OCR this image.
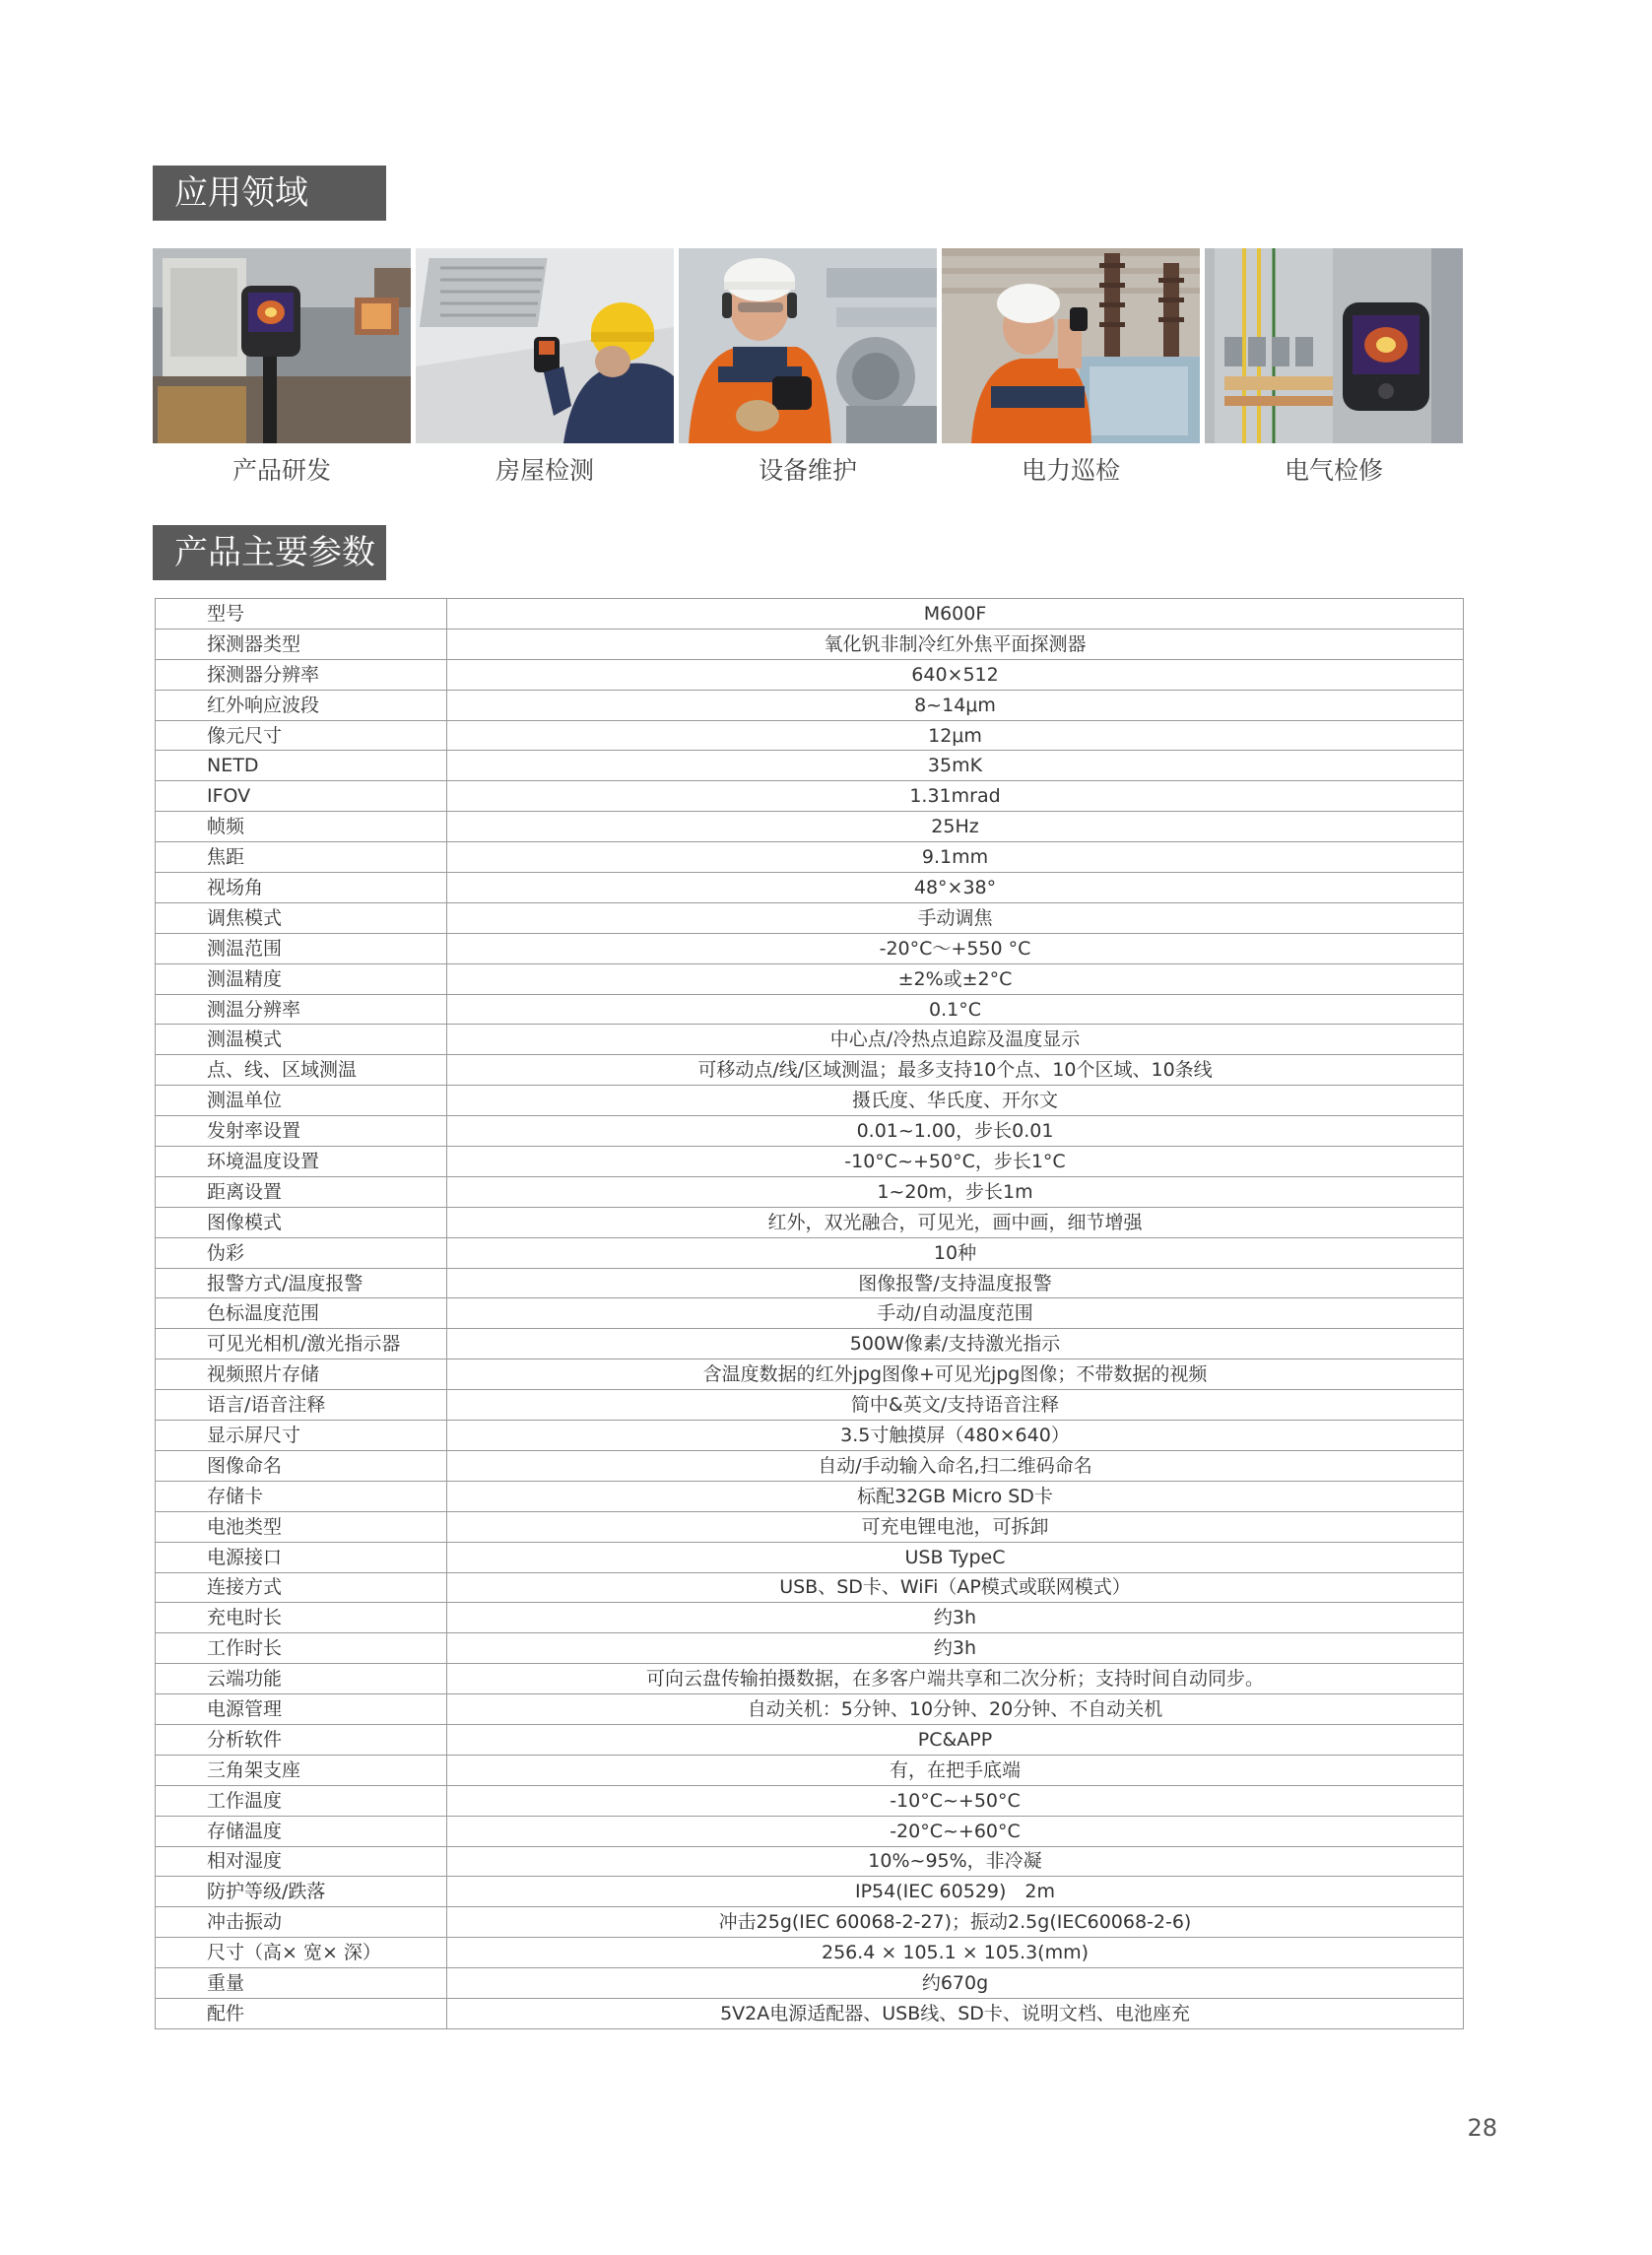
应用领域
产品研发	房屋检测	设备维护	电力巡检	电气检修
产品主要参数
型号	M600F
探测器类型	氧化钒非制冷红外焦平面探测器
探测器分辨率	640×512
红外响应波段	8~14μm
像元尺寸	12μm
NETD	35mK
IFOV	1.31mrad
帧频	25Hz
焦距	9.1mm
视场角	48°×38°
调焦模式	手动调焦
测温范围	-20°C～+550 °C
测温精度	±2%或±2°C
测温分辨率	0.1°C
测温模式	中心点/冷热点追踪及温度显示
点、线、区域测温	可移动点/线/区域测温；最多支持10个点、10个区域、10条线
测温单位	摄氏度、华氏度、开尔文
发射率设置	0.01~1.00，步长0.01
环境温度设置	-10°C~+50°C，步长1°C
距离设置	1~20m，步长1m
图像模式	红外，双光融合，可见光，画中画，细节增强
伪彩	10种
报警方式/温度报警	图像报警/支持温度报警
色标温度范围	手动/自动温度范围
可见光相机/激光指示器	500W像素/支持激光指示
视频照片存储	含温度数据的红外jpg图像+可见光jpg图像；不带数据的视频
语言/语音注释	简中&英文/支持语音注释
显示屏尺寸	3.5寸触摸屏（480×640）
图像命名	自动/手动输入命名,扫二维码命名
存储卡	标配32GB Micro SD卡
电池类型	可充电锂电池，可拆卸
电源接口	USB TypeC
连接方式	USB、SD卡、WiFi（AP模式或联网模式）
充电时长	约3h
工作时长	约3h
云端功能	可向云盘传输拍摄数据，在多客户端共享和二次分析；支持时间自动同步。
电源管理	自动关机：5分钟、10分钟、20分钟、不自动关机
分析软件	PC&APP
三角架支座	有，在把手底端
工作温度	-10°C~+50°C
存储温度	-20°C~+60°C
相对湿度	10%~95%，非冷凝
防护等级/跌落	IP54(IEC 60529)　2m
冲击振动	冲击25g(IEC 60068-2-27)；振动2.5g(IEC60068-2-6)
尺寸（高× 宽× 深）	256.4 × 105.1 × 105.3(mm)
重量	约670g
配件	5V2A电源适配器、USB线、SD卡、说明文档、电池座充
28
